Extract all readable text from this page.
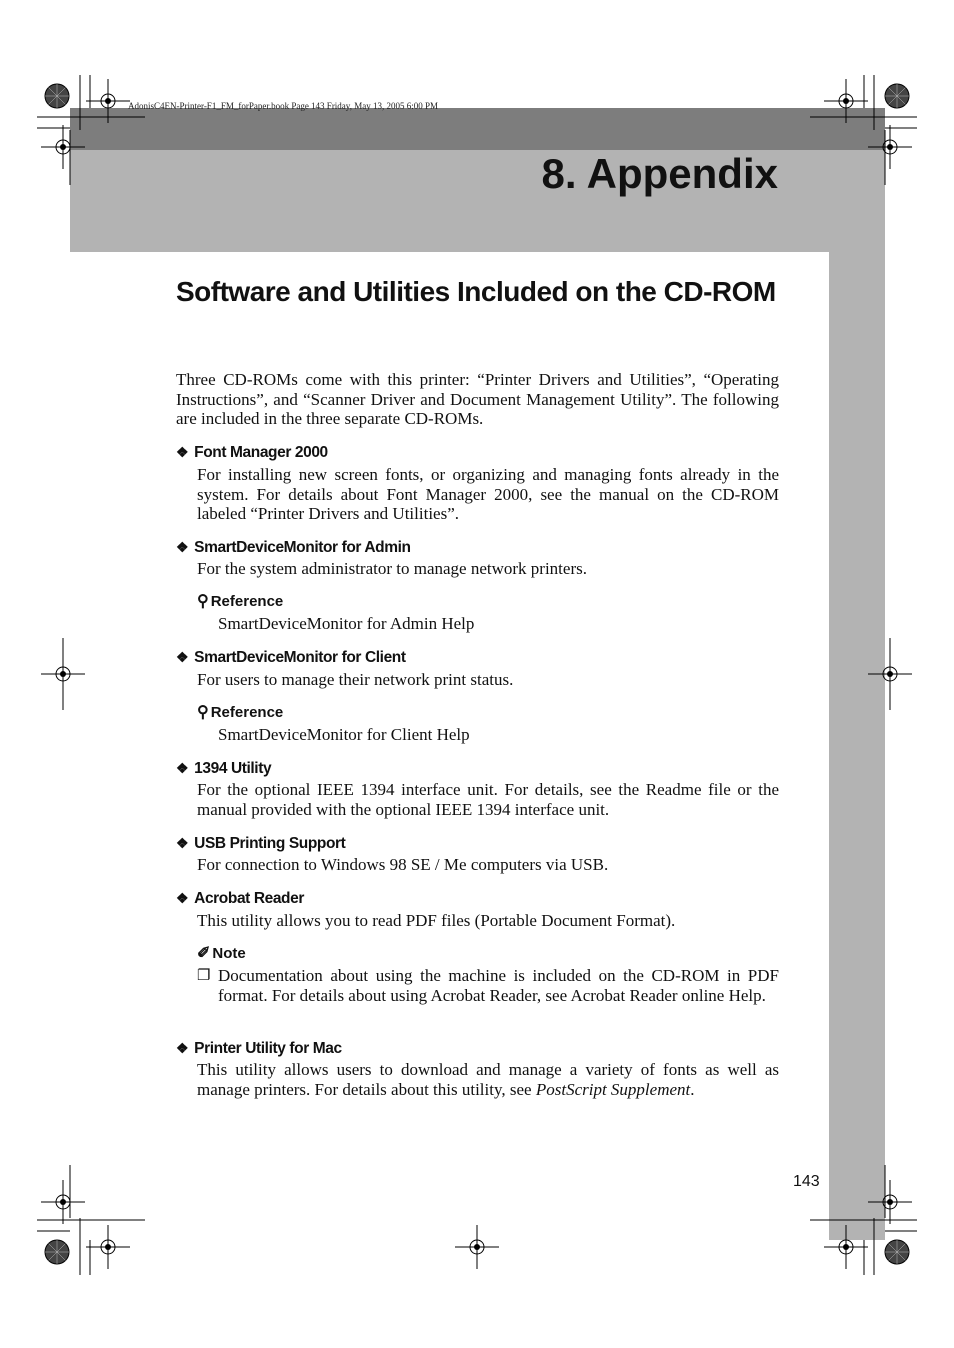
AdonisC4EN-Printer-F1_FM_forPaper.book Page 143 Friday, May 13, 2005 6:00 PM
8. Appendix
Software and Utilities Included on the CD-ROM
Three CD-ROMs come with this printer: “Printer Drivers and Utilities”, “Operating Instructions”, and “Scanner Driver and Document Management Utility”. The following are included in the three separate CD-ROMs.
❖ Font Manager 2000
For installing new screen fonts, or organizing and managing fonts already in the system. For details about Font Manager 2000, see the manual on the CD-ROM labeled “Printer Drivers and Utilities”.
❖ SmartDeviceMonitor for Admin
For the system administrator to manage network printers.
⚲ Reference
SmartDeviceMonitor for Admin Help
❖ SmartDeviceMonitor for Client
For users to manage their network print status.
⚲ Reference
SmartDeviceMonitor for Client Help
❖ 1394 Utility
For the optional IEEE 1394 interface unit. For details, see the Readme file or the manual provided with the optional IEEE 1394 interface unit.
❖ USB Printing Support
For connection to Windows 98 SE / Me computers via USB.
❖ Acrobat Reader
This utility allows you to read PDF files (Portable Document Format).
✐ Note
❐ Documentation about using the machine is included on the CD-ROM in PDF format. For details about using Acrobat Reader, see Acrobat Reader online Help.
❖ Printer Utility for Mac
This utility allows users to download and manage a variety of fonts as well as manage printers. For details about this utility, see PostScript Supplement.
143
